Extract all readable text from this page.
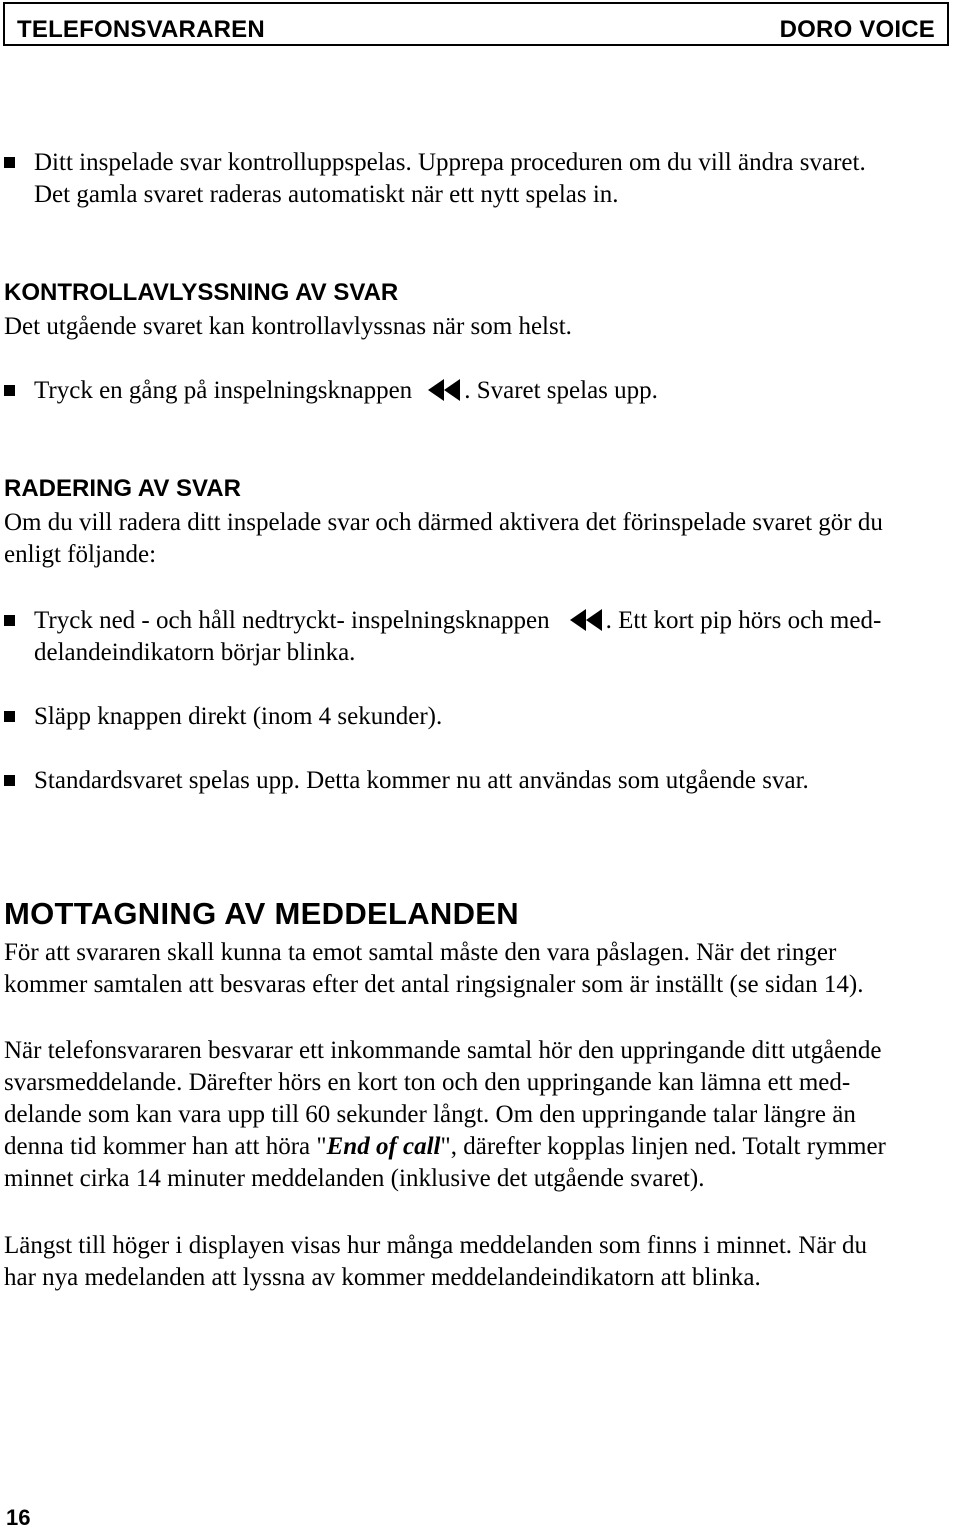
TELEFONSVARAREN	DORO VOICE
Ditt inspelade svar kontrolluppspelas. Upprepa proceduren om du vill ändra svaret.
Det gamla svaret raderas automatiskt när ett nytt spelas in.
KONTROLLAVLYSSNING AV SVAR
Det utgående svaret kan kontrollavlyssnas när som helst.
Tryck en gång på inspelningsknappen . Svaret spelas upp.
RADERING AV SVAR
Om du vill radera ditt inspelade svar och därmed aktivera det förinspelade svaret gör du
enligt följande:
Tryck ned - och håll nedtryckt- inspelningsknappen . Ett kort pip hörs och med-
delandeindikatorn börjar blinka.
Släpp knappen direkt (inom 4 sekunder).
Standardsvaret spelas upp. Detta kommer nu att användas som utgående svar.
MOTTAGNING AV MEDDELANDEN
För att svararen skall kunna ta emot samtal måste den vara påslagen. När det ringer
kommer samtalen att besvaras efter det antal ringsignaler som är inställt (se sidan 14).
När telefonsvararen besvarar ett inkommande samtal hör den uppringande ditt utgående
svarsmeddelande. Därefter hörs en kort ton och den uppringande kan lämna ett med-
delande som kan vara upp till 60 sekunder långt. Om den uppringande talar längre än
denna tid kommer han att höra "End of call", därefter kopplas linjen ned. Totalt rymmer
minnet cirka 14 minuter meddelanden (inklusive det utgående svaret).
Längst till höger i displayen visas hur många meddelanden som finns i minnet. När du
har nya medelanden att lyssna av kommer meddelandeindikatorn att blinka.
16
